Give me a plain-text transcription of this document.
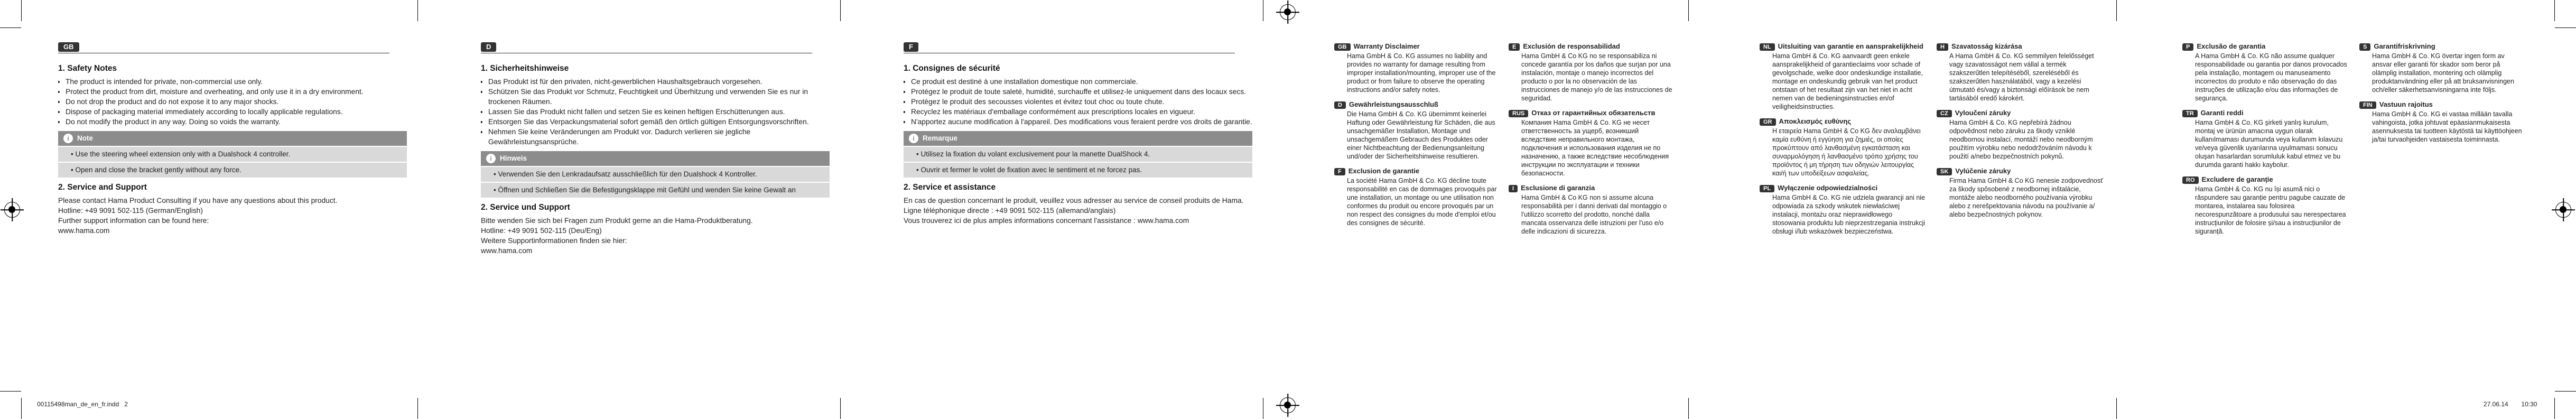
GB
1. Safety Notes
• The product is intended for private, non-commercial use only.
• Protect the product from dirt, moisture and overheating, and only use it in a dry environment.
• Do not drop the product and do not expose it to any major shocks.
• Dispose of packaging material immediately according to locally applicable regulations.
• Do not modify the product in any way. Doing so voids the warranty.
i Note
• Use the steering wheel extension only with a Dualshock 4 controller.
• Open and close the bracket gently without any force.
2. Service and Support

Please contact Hama Product Consulting if you have any questions about this product.

Hotline: +49 9091 502-115 (German/English)

Further support information can be found here:

www.hama.com

D
1. Sicherheitshinweise
• Das Produkt ist für den privaten, nicht-gewerblichen Haushaltsgebrauch vorgesehen.
• Schützen Sie das Produkt vor Schmutz, Feuchtigkeit und Überhitzung und verwenden Sie es nur in trockenen Räumen.
• Lassen Sie das Produkt nicht fallen und setzen Sie es keinen heftigen Erschütterungen aus.
• Entsorgen Sie das Verpackungsmaterial sofort gemäß den örtlich gültigen Entsorgungsvorschriften.
• Nehmen Sie keine Veränderungen am Produkt vor. Dadurch verlieren sie jegliche Gewährleistungsansprüche.
i Hinweis
• Verwenden Sie den Lenkradaufsatz ausschließlich für den Dualshock 4 Kontroller.
• Öffnen und Schließen Sie die Befestigungsklappe mit Gefühl und wenden Sie keine Gewalt an
2. Service und Support

Bitte wenden Sie sich bei Fragen zum Produkt gerne an die Hama-Produktberatung.

Hotline: +49 9091 502-115 (Deu/Eng)

Weitere Supportinformationen finden sie hier:

www.hama.com

F
1. Consignes de sécurité
• Ce produit est destiné à une installation domestique non commerciale.
• Protégez le produit de toute saleté, humidité, surchauffe et utilisez-le uniquement dans des locaux secs.
• Protégez le produit des secousses violentes et évitez tout choc ou toute chute.
• Recyclez les matériaux d'emballage conformément aux prescriptions locales en vigueur.
• N'apportez aucune modification à l'appareil. Des modifications vous feraient perdre vos droits de garantie.
i Remarque
• Utilisez la fixation du volant exclusivement pour la manette DualShock 4.
• Ouvrir et fermer le volet de fixation avec le sentiment et ne forcez pas.
2. Service et assistance

En cas de question concernant le produit, veuillez vous adresser au service de conseil produits de Hama.

Ligne téléphonique directe : +49 9091 502-115 (allemand/anglais)

Vous trouverez ici de plus amples informations concernant l'assistance : www.hama.com

GB Warranty Disclaimer

Hama GmbH & Co. KG assumes no liability and provides no warranty for damage resulting from improper installation/mounting, improper use of the product or from failure to observe the operating instructions and/or safety notes.

D Gewährleistungsausschluß

Die Hama GmbH & Co. KG übernimmt keinerlei Haftung oder Gewährleistung für Schäden, die aus unsachgemäßer Installation, Montage und unsachgemäßem Gebrauch des Produktes oder einer Nichtbeachtung der Bedienungsanleitung und/oder der Sicherheitshinweise resultieren.

F Exclusion de garantie

La société Hama GmbH & Co. KG décline toute responsabilité en cas de dommages provoqués par une installation, un montage ou une utilisation non conformes du produit ou encore provoqués par un non respect des consignes du mode d'emploi et/ou des consignes de sécurité.

E Exclusión de responsabilidad

Hama GmbH & Co KG no se responsabiliza ni concede garantía por los daños que surjan por una instalación, montaje o manejo incorrectos del producto o por la no observación de las instrucciones de manejo y/o de las instrucciones de seguridad.

RUS Отказ от гарантийных обязательств

Компания Hama GmbH & Co. KG не несет ответственность за ущерб, возникший вследствие неправильного монтажа, подключения и использования изделия не по назначению, а также вследствие несоблюдения инструкции по эксплуатации и техники безопасности.

I Esclusione di garanzia

Hama GmbH & Co KG non si assume alcuna responsabilità per i danni derivati dal montaggio o l'utilizzo scorretto del prodotto, nonché dalla mancata osservanza delle istruzioni per l'uso e/o delle indicazioni di sicurezza.

NL Uitsluiting van garantie en aansprakelijkheid

Hama GmbH & Co. KG aanvaardt geen enkele aansprakelijkheid of garantieclaims voor schade of gevolgschade, welke door ondeskundige installatie, montage en ondeskundig gebruik van het product ontstaan of het resultaat zijn van het niet in acht nemen van de bedieningsinstructies en/of veiligheidsinstructies.

GR Αποκλεισμός ευθύνης

Η εταιρεία Hama GmbH & Co KG δεν αναλαμβάνει καμία ευθύνη ή εγγύηση για ζημιές, οι οποίες προκύπτουν από λανθασμένη εγκατάσταση και συναρμολόγηση ή λανθασμένο τρόπο χρήσης του προϊόντος ή μη τήρηση των οδηγιών λειτουργίας και/ή των υποδείξεων ασφαλείας.

PL Wyłączenie odpowiedzialności

Hama GmbH & Co. KG nie udziela gwarancji ani nie odpowiada za szkody wskutek niewłaściwej instalacji, montażu oraz nieprawidłowego stosowania produktu lub nieprzestrzegania instrukcji obsługi i/lub wskazówek bezpieczeństwa.

H Szavatosság kizárása

A Hama GmbH & Co. KG semmilyen felelősséget vagy szavatosságot nem vállal a termék szakszerűtlen telepítéséből, szereléséből és szakszerűtlen használatából, vagy a kezelési útmutató és/vagy a biztonsági előírások be nem tartásából eredő károkért.

CZ Vyloučení záruky

Hama GmbH & Co. KG nepřebírá žádnou odpovědnost nebo záruku za škody vzniklé neodbornou instalací, montáží nebo neodborným použitím výrobku nebo nedodržováním návodu k použití a/nebo bezpečnostních pokynů.

SK Vylúčenie záruky

Firma Hama GmbH & Co KG nenesie zodpovednosť za škody spôsobené z neodbornej inštalácie, montáže alebo neodborného používania výrobku alebo z nerešpektovania návodu na používanie a/ alebo bezpečnostných pokynov.

P Exclusão de garantia

A Hama GmbH & Co. KG não assume qualquer responsabilidade ou garantia por danos provocados pela instalação, montagem ou manuseamento incorrectos do produto e não observação do das instruções de utilização e/ou das informações de segurança.

TR Garanti reddi

Hama GmbH & Co. KG şirketi yanlış kurulum, montaj ve ürünün amacına uygun olarak kullanılmaması durumunda veya kullanım kılavuzu ve/veya güvenlik uyarılarına uyulmaması sonucu oluşan hasarlardan sorumluluk kabul etmez ve bu durumda garanti hakkı kaybolur.

RO Excludere de garanție

Hama GmbH & Co. KG nu își asumă nici o răspundere sau garanție pentru pagube cauzate de montarea, instalarea sau folosirea necorespunzătoare a produsului sau nerespectarea instrucțiunilor de folosire și/sau a instrucțiunilor de siguranță.

S Garantifriskrivning

Hama GmbH & Co. KG övertar ingen form av ansvar eller garanti för skador som beror på olämplig installation, montering och olämplig produktanvändning eller på att bruksanvisningen och/eller säkerhetsanvisningarna inte följs.

FIN Vastuun rajoitus

Hama GmbH & Co. KG ei vastaa millään tavalla vahingoista, jotka johtuvat epäasianmukaisesta asennuksesta tai tuotteen käytöstä tai käyttöohjeen ja/tai turvaohjeiden vastaisesta toiminnasta.

00115498man_de_en_fr.indd   2	27.06.14 10:30
